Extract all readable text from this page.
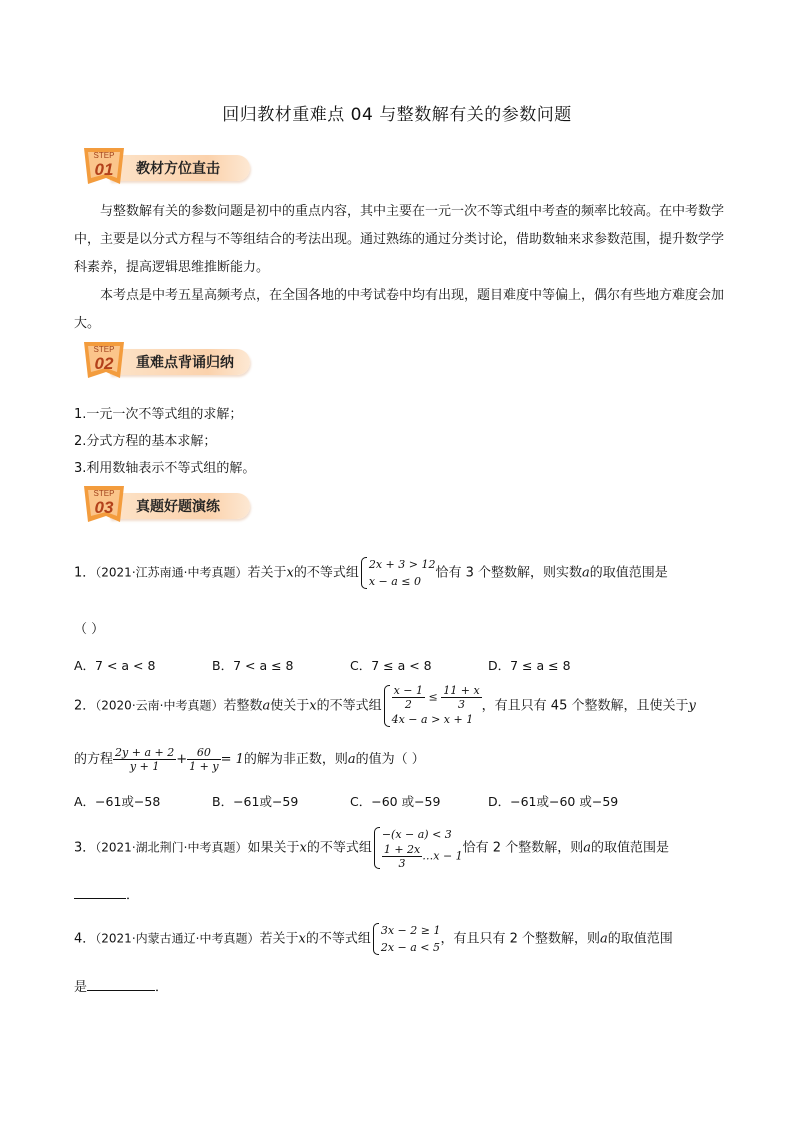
回归教材重难点 04 与整数解有关的参数问题
STEP
01 教材方位直击
与整数解有关的参数问题是初中的重点内容，其中主要在一元一次不等式组中考查的频率比较高。在中考数学中，主要是以分式方程与不等组结合的考法出现。通过熟练的通过分类讨论，借助数轴来求参数范围，提升数学学科素养，提高逻辑思维推断能力。
本考点是中考五星高频考点，在全国各地的中考试卷中均有出现，题目难度中等偏上，偶尔有些地方难度会加大。
STEP
02 重难点背诵归纳
1.一元一次不等式组的求解；
2.分式方程的基本求解；
3.利用数轴表示不等式组的解。
STEP
03 真题好题演练
1．（2021·江苏南通·中考真题）若关于x的不等式组
2x + 3 > 12
x − a ≤ 0
恰有 3 个整数解，则实数a的取值范围是
（ ）
A．7 < a < 8	B．7 < a ≤ 8	C．7 ≤ a < 8	D．7 ≤ a ≤ 8
2．（2020·云南·中考真题）若整数a使关于x的不等式组 $\frac{x - 1}{2} \le \frac{11 + x}{3}$
4x − a > x + 1
，有且只有 45 个整数解，且使关于y
的方程 $\frac{2y + a + 2}{y + 1} + \frac{60}{1 + y} = 1$的解为非正数，则a的值为（ ）
A．−61或−58	B．−61或−59	C．−60 或−59	D．−61或−60 或−59
3．（2021·湖北荆门·中考真题）如果关于x的不等式组
−(x − a) < 3
$\frac{1 + 2x}{3}$ …x − 1
恰有 2 个整数解，则a的取值范围是
．
4．（2021·内蒙古通辽·中考真题）若关于x的不等式组
3x − 2 ≥ 1
2x − a < 5
，有且只有 2 个整数解，则a的取值范围
是	．
